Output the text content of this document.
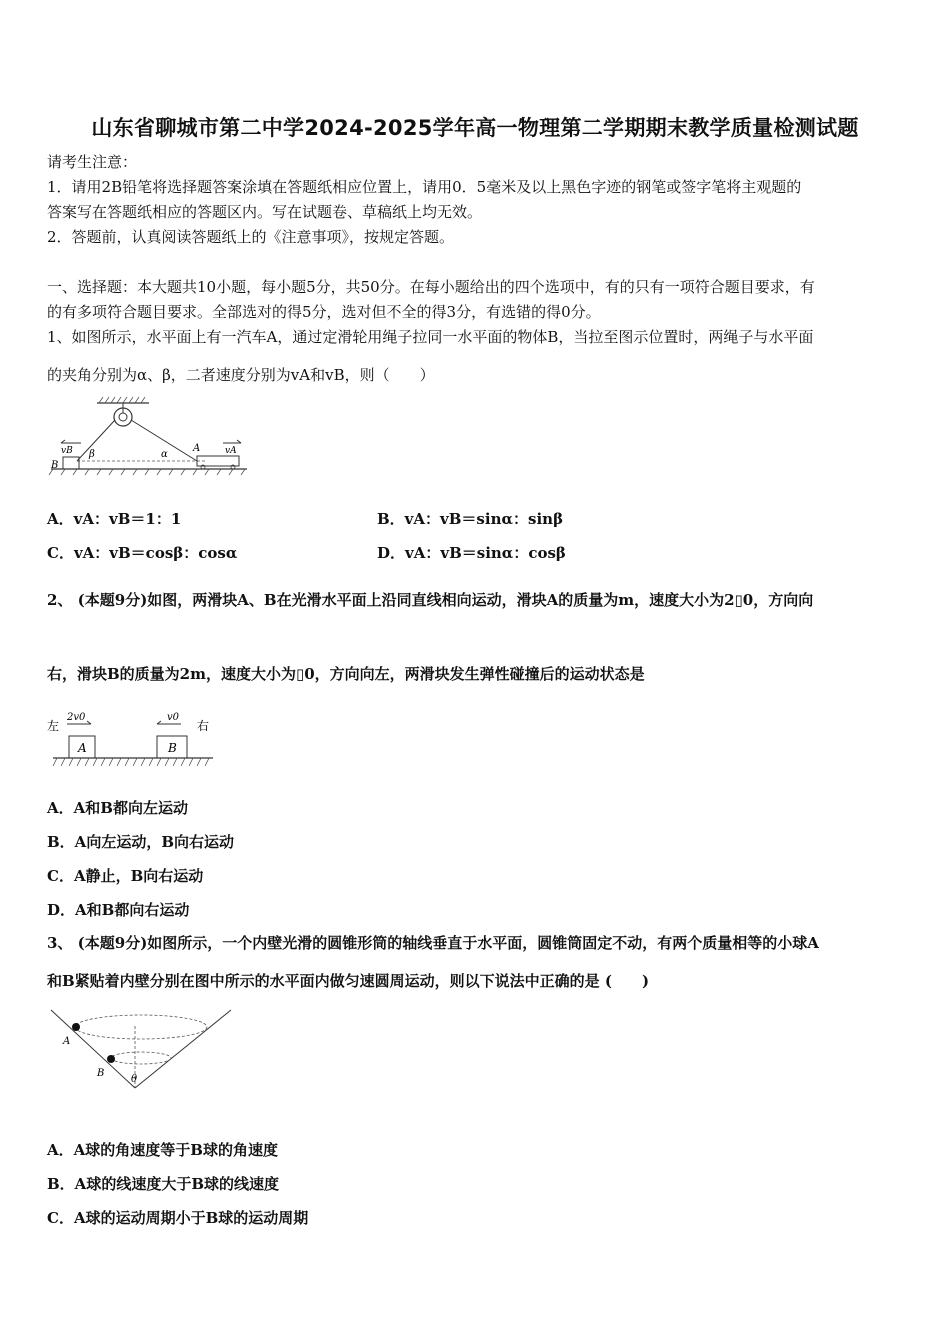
山东省聊城市第二中学2024-2025学年高一物理第二学期期末教学质量检测试题
请考生注意：
1．请用2B铅笔将选择题答案涂填在答题纸相应位置上，请用0．5毫米及以上黑色字迹的钢笔或签字笔将主观题的
答案写在答题纸相应的答题区内。写在试题卷、草稿纸上均无效。
2．答题前，认真阅读答题纸上的《注意事项》，按规定答题。
一、选择题：本大题共10小题，每小题5分，共50分。在每小题给出的四个选项中，有的只有一项符合题目要求，有
的有多项符合题目要求。全部选对的得5分，选对但不全的得3分，有选错的得0分。
1、如图所示，水平面上有一汽车A，通过定滑轮用绳子拉同一水平面的物体B，当拉至图示位置时，两绳子与水平面
的夹角分别为α、β，二者速度分别为vA和vB，则（　　）
vB	vA
B
A
β	α
A．vA：vB＝1：1	B．vA：vB＝sinα：sinβ
C．vA：vB＝cosβ：cosα	D．vA：vB＝sinα：cosβ
2、 (本题9分)如图，两滑块A、B在光滑水平面上沿同直线相向运动，滑块A的质量为m，速度大小为2▯0，方向向
右，滑块B的质量为2m，速度大小为▯0，方向向左，两滑块发生弹性碰撞后的运动状态是
左	右
2v0	v0
A	B
A．A和B都向左运动
B．A向左运动，B向右运动
C．A静止，B向右运动
D．A和B都向右运动
3、 (本题9分)如图所示，一个内壁光滑的圆锥形筒的轴线垂直于水平面，圆锥筒固定不动，有两个质量相等的小球A
和B紧贴着内壁分别在图中所示的水平面内做匀速圆周运动，则以下说法中正确的是 (　　)
A
B
θ
A．A球的角速度等于B球的角速度
B．A球的线速度大于B球的线速度
C．A球的运动周期小于B球的运动周期
